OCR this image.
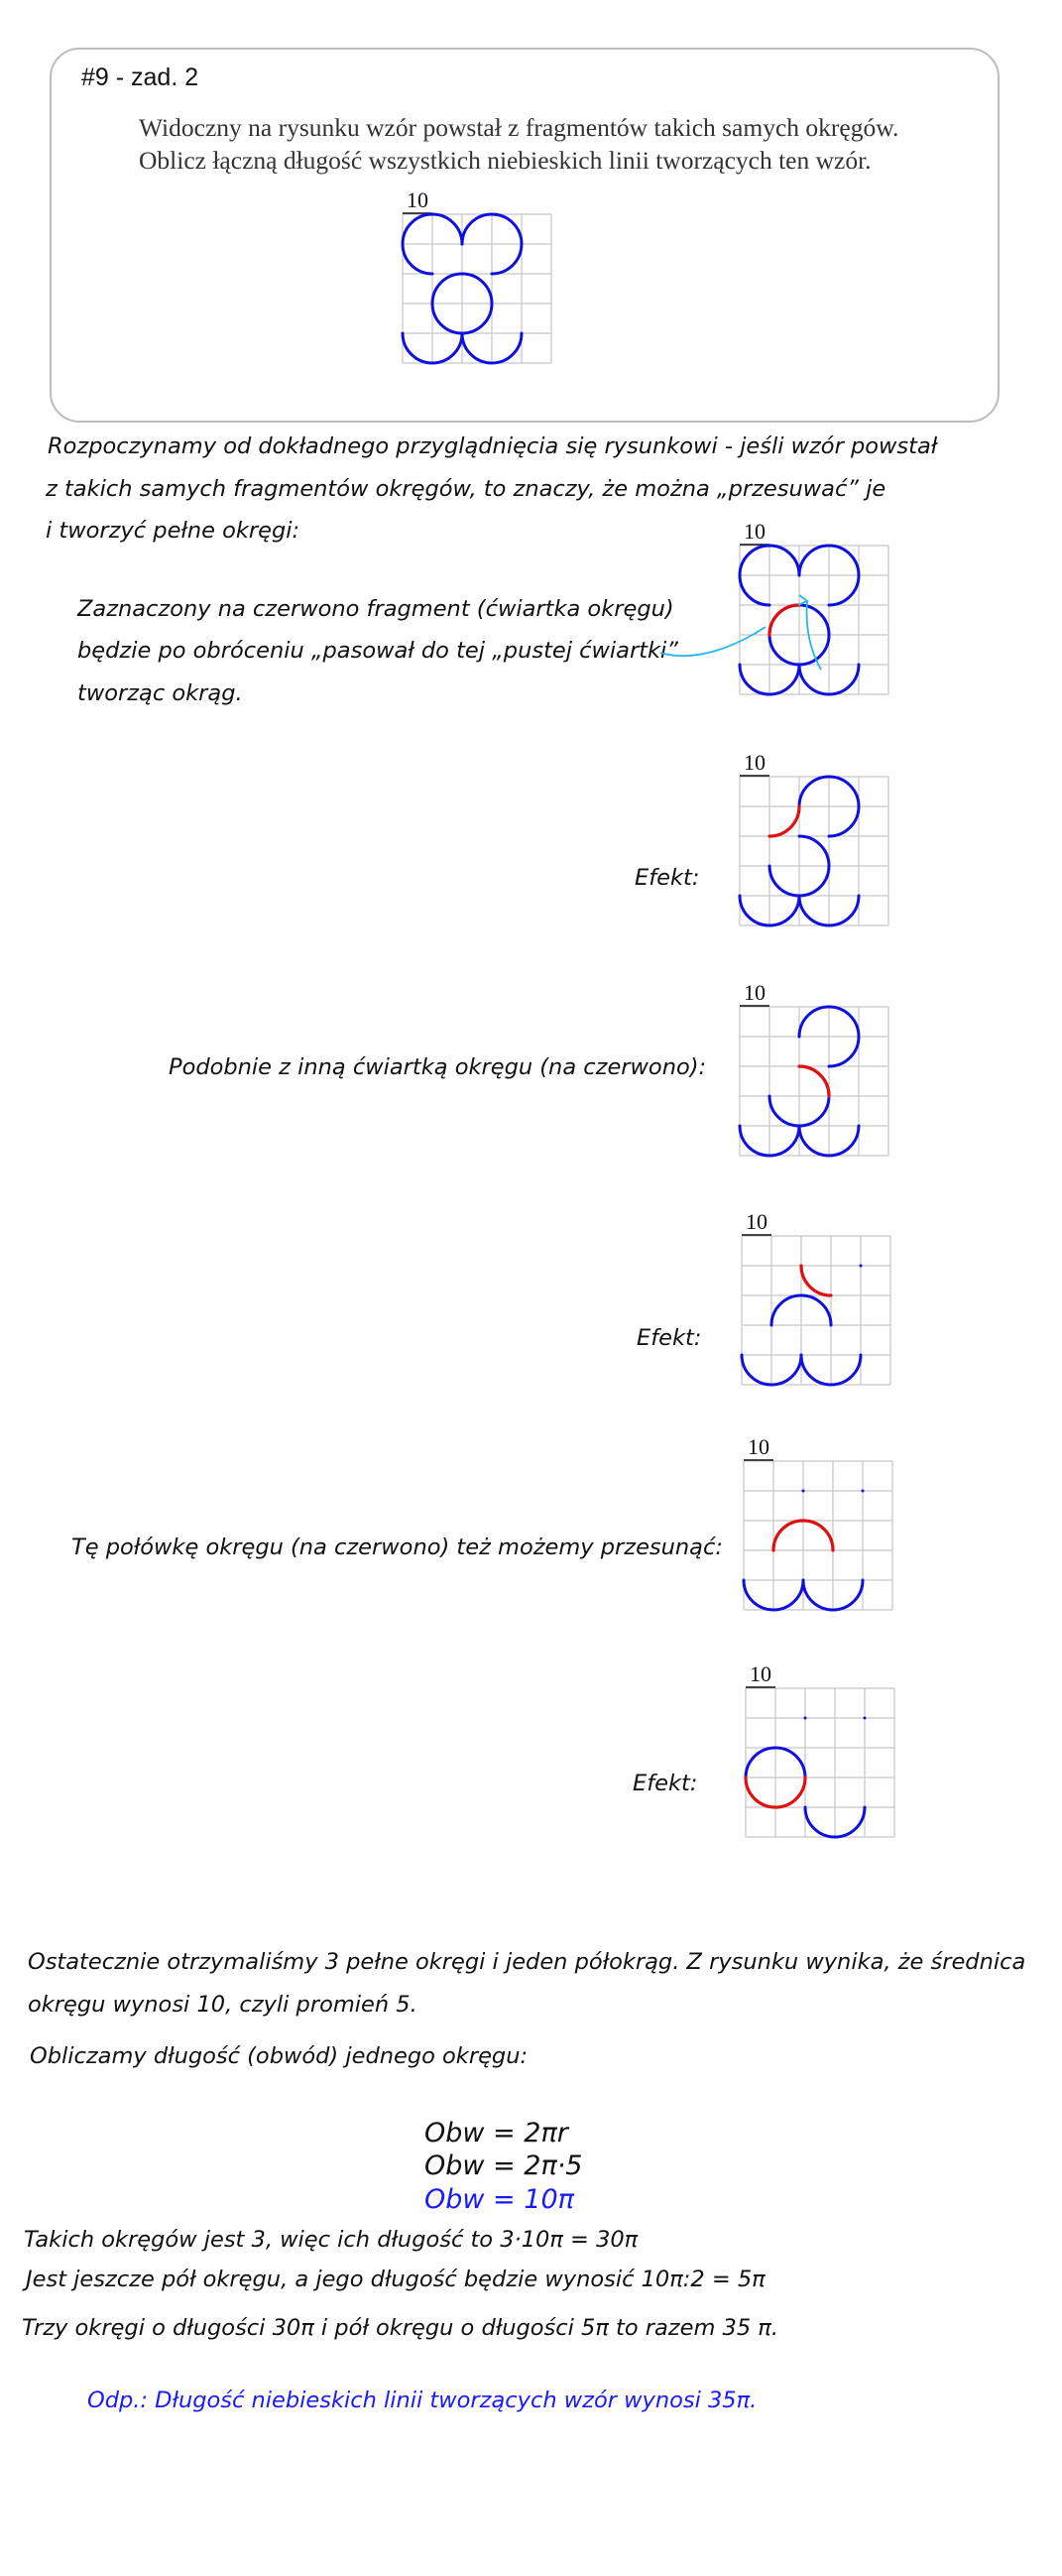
#9 - zad. 2
Widoczny na rysunku wzór powstał z fragmentów takich samych okręgów.
Oblicz łączną długość wszystkich niebieskich linii tworzących ten wzór.
10
10
10
10
10
10
10
Rozpoczynamy od dokładnego przyglądnięcia się rysunkowi - jeśli wzór powstał
z takich samych fragmentów okręgów, to znaczy, że można „przesuwać” je
i tworzyć pełne okręgi:
Zaznaczony na czerwono fragment (ćwiartka okręgu)
będzie po obróceniu „pasował do tej „pustej ćwiartki”
tworząc okrąg.
Efekt:
Podobnie z inną ćwiartką okręgu (na czerwono):
Efekt:
Tę połówkę okręgu (na czerwono) też możemy przesunąć:
Efekt:
Ostatecznie otrzymaliśmy 3 pełne okręgi i jeden półokrąg. Z rysunku wynika, że średnica
okręgu wynosi 10, czyli promień 5.
Obliczamy długość (obwód) jednego okręgu:
Obw = 2πr
Obw = 2π·5
Obw = 10π
Takich okręgów jest 3, więc ich długość to 3·10π = 30π
Jest jeszcze pół okręgu, a jego długość będzie wynosić 10π:2 = 5π
Trzy okręgi o długości 30π i pół okręgu o długości 5π to razem 35 π.
Odp.: Długość niebieskich linii tworzących wzór wynosi 35π.
